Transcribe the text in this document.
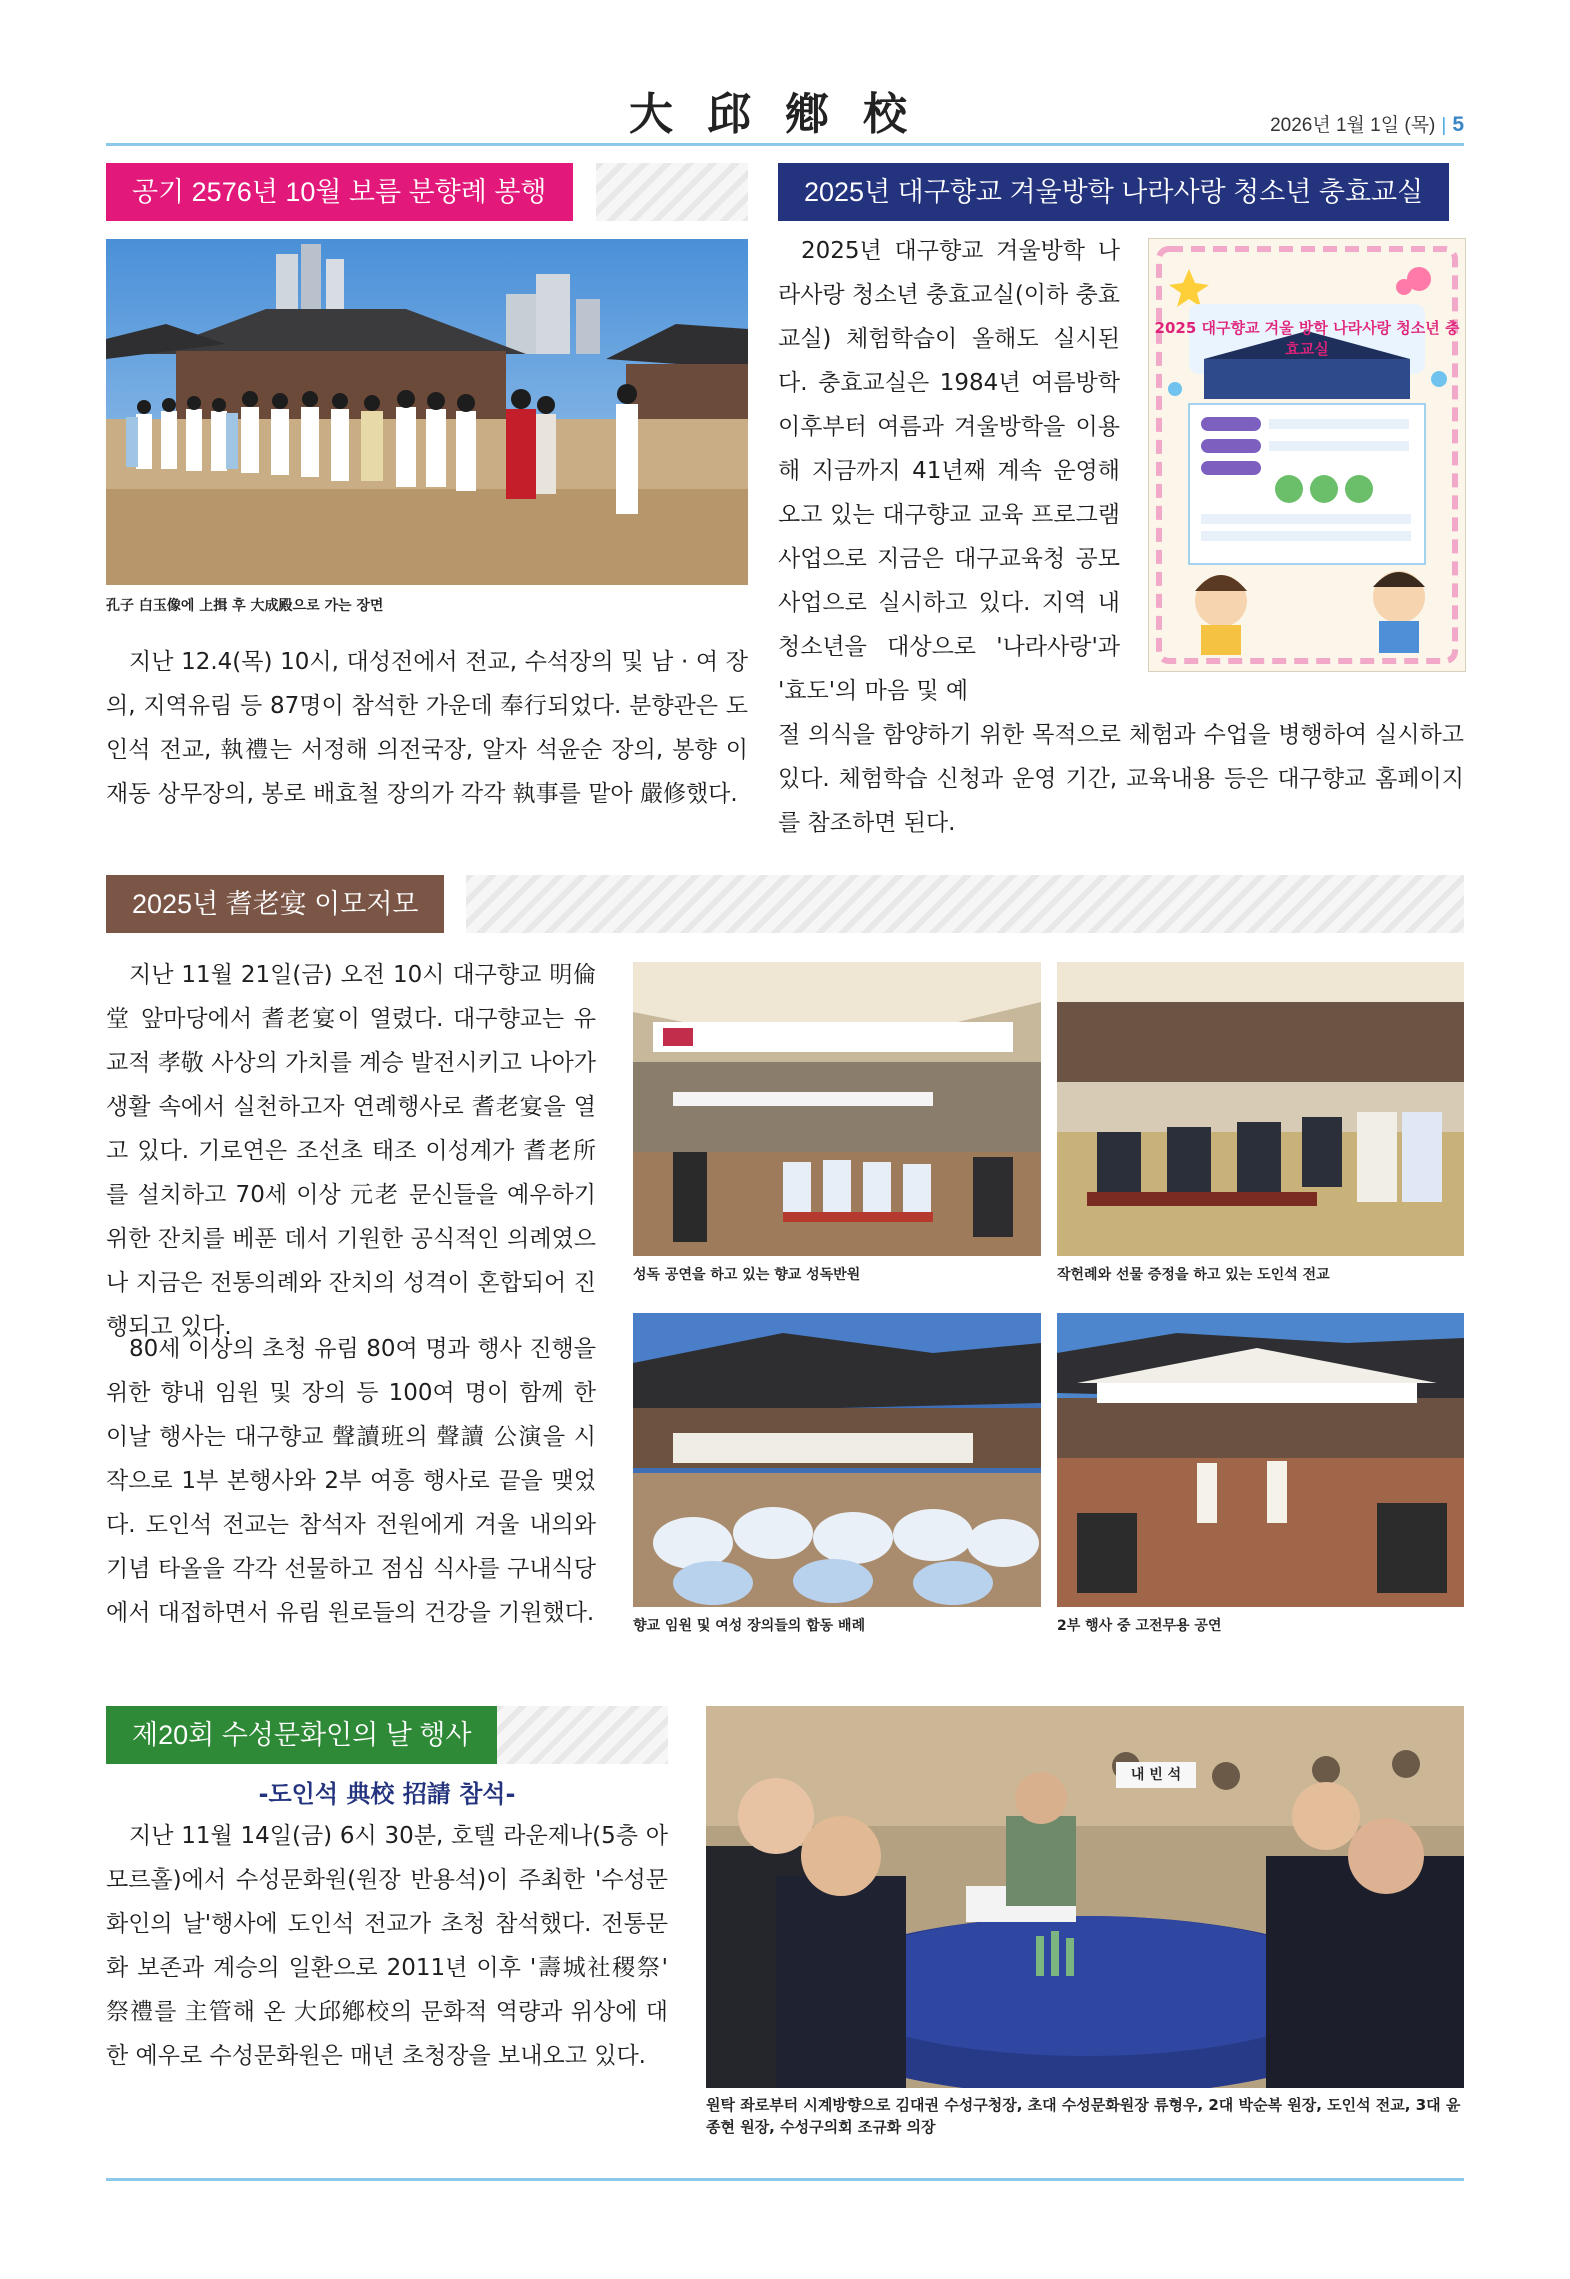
大邱鄕校	2026년 1월 1일 (목) | 5
공기 2576년 10월 보름 분향례 봉행
孔子 白玉像에 上揖 후 大成殿으로 가는 장면

지난 12.4(목) 10시, 대성전에서 전교, 수석장의 및 남 · 여 장의, 지역유림 등 87명이 참석한 가운데 奉行되었다. 분향관은 도인석 전교, 執禮는 서정해 의전국장, 알자 석윤순 장의, 봉향 이재동 상무장의, 봉로 배효철 장의가 각각 執事를 맡아 嚴修했다.

2025년 대구향교 겨울방학 나라사랑 청소년 충효교실

2025년 대구향교 겨울방학 나라사랑 청소년 충효교실(이하 충효교실) 체험학습이 올해도 실시된다. 충효교실은 1984년 여름방학 이후부터 여름과 겨울방학을 이용해 지금까지 41년째 계속 운영해 오고 있는 대구향교 교육 프로그램 사업으로 지금은 대구교육청 공모사업으로 실시하고 있다. 지역 내 청소년을 대상으로 '나라사랑'과 '효도'의 마음 및 예

2025 대구향교 겨울 방학 나라사랑 청소년 충효교실

절 의식을 함양하기 위한 목적으로 체험과 수업을 병행하여 실시하고 있다. 체험학습 신청과 운영 기간, 교육내용 등은 대구향교 홈페이지를 참조하면 된다.

2025년 耆老宴 이모저모

지난 11월 21일(금) 오전 10시 대구향교 明倫堂 앞마당에서 耆老宴이 열렸다. 대구향교는 유교적 孝敬 사상의 가치를 계승 발전시키고 나아가 생활 속에서 실천하고자 연례행사로 耆老宴을 열고 있다. 기로연은 조선초 태조 이성계가 耆老所를 설치하고 70세 이상 元老 문신들을 예우하기 위한 잔치를 베푼 데서 기원한 공식적인 의례였으나 지금은 전통의례와 잔치의 성격이 혼합되어 진행되고 있다.

80세 이상의 초청 유림 80여 명과 행사 진행을 위한 향내 임원 및 장의 등 100여 명이 함께 한 이날 행사는 대구향교 聲讀班의 聲讀 公演을 시작으로 1부 본행사와 2부 여흥 행사로 끝을 맺었다. 도인석 전교는 참석자 전원에게 겨울 내의와 기념 타올을 각각 선물하고 점심 식사를 구내식당에서 대접하면서 유림 원로들의 건강을 기원했다.

성독 공연을 하고 있는 향교 성독반원	작헌례와 선물 증정을 하고 있는 도인석 전교
향교 임원 및 여성 장의들의 합동 배례	2부 행사 중 고전무용 공연
제20회 수성문화인의 날 행사
-도인석 典校 招請 참석-

지난 11월 14일(금) 6시 30분, 호텔 라운제나(5층 아모르홀)에서 수성문화원(원장 반용석)이 주최한 '수성문화인의 날'행사에 도인석 전교가 초청 참석했다. 전통문화 보존과 계승의 일환으로 2011년 이후 '壽城社稷祭' 祭禮를 主管해 온 大邱鄕校의 문화적 역량과 위상에 대한 예우로 수성문화원은 매년 초청장을 보내오고 있다.

내 빈 석
원탁 좌로부터 시계방향으로 김대권 수성구청장, 초대 수성문화원장 류형우, 2대 박순복 원장, 도인석 전교, 3대 윤종현 원장, 수성구의회 조규화 의장
